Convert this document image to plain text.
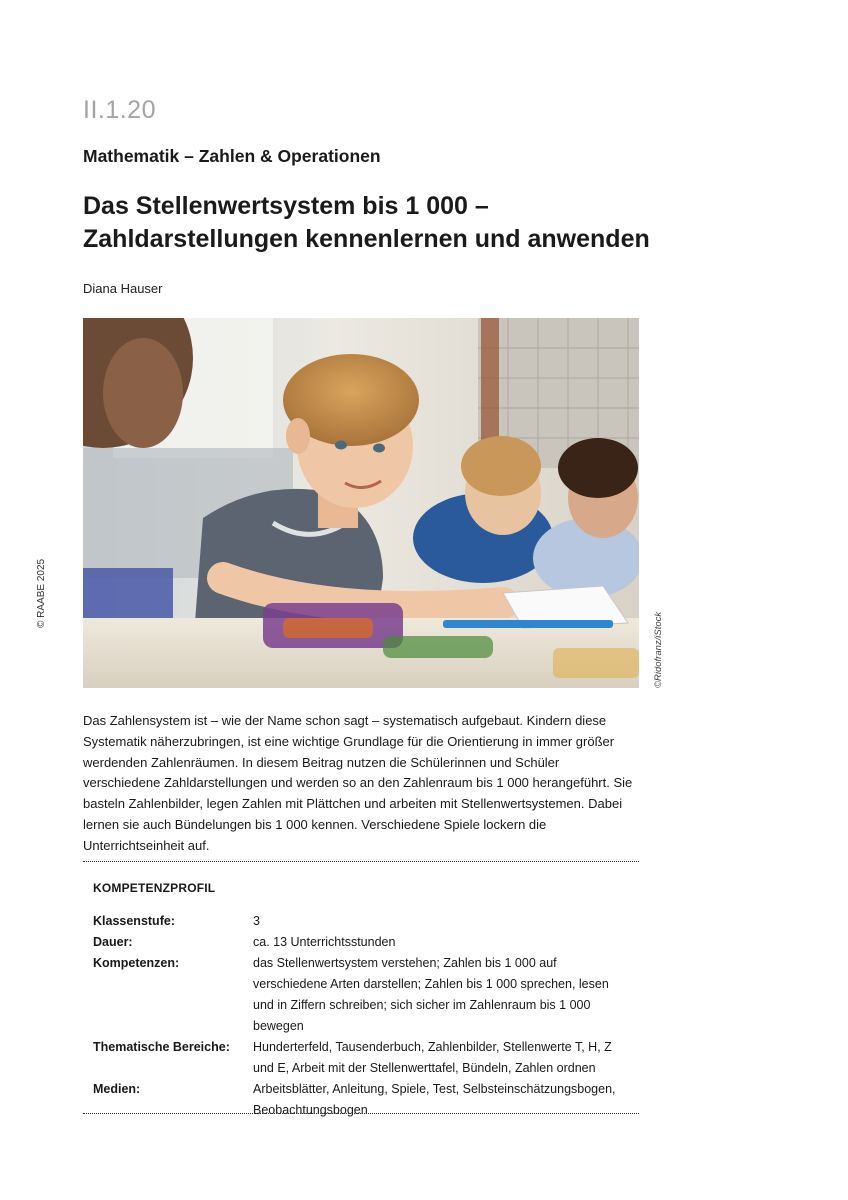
II.1.20
Mathematik – Zahlen & Operationen
Das Stellenwertsystem bis 1 000 –
Zahldarstellungen kennenlernen und anwenden
Diana Hauser
©Ridofranz/iStock
© RAABE 2025

Das Zahlensystem ist – wie der Name schon sagt – systematisch aufgebaut. Kindern diese Systematik näherzubringen, ist eine wichtige Grundlage für die Orientierung in immer größer werdenden Zahlenräumen. In diesem Beitrag nutzen die Schülerinnen und Schüler verschiedene Zahldarstellungen und werden so an den Zahlenraum bis 1 000 herangeführt. Sie basteln Zahlenbilder, legen Zahlen mit Plättchen und arbeiten mit Stellenwertsystemen. Dabei lernen sie auch Bündelungen bis 1 000 kennen. Verschiedene Spiele lockern die Unterrichtseinheit auf.

KOMPETENZPROFIL
Klassenstufe:	3
Dauer:	ca. 13 Unterrichtsstunden
Kompetenzen:	das Stellenwertsystem verstehen; Zahlen bis 1 000 auf verschiedene Arten darstellen; Zahlen bis 1 000 sprechen, lesen und in Ziffern schreiben; sich sicher im Zahlenraum bis 1 000 bewegen
Thematische Bereiche:	Hunderterfeld, Tausenderbuch, Zahlenbilder, Stellenwerte T, H, Z und E, Arbeit mit der Stellenwerttafel, Bündeln, Zahlen ordnen
Medien:	Arbeitsblätter, Anleitung, Spiele, Test, Selbsteinschätzungsbogen, Beobachtungsbogen
